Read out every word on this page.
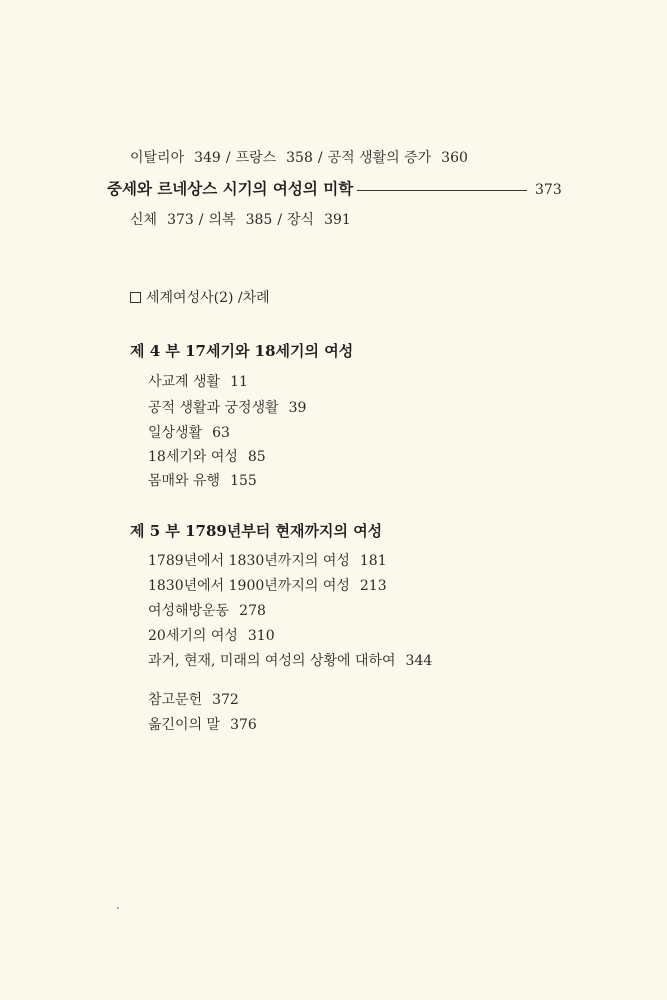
이탈리아 349 / 프랑스 358 / 공적 생활의 증가 360
중세와 르네상스 시기의 여성의 미학	373
신체 373 / 의복 385 / 장식 391
세계여성사(2) /차례
제 4 부 17세기와 18세기의 여성
사교계 생활 11
공적 생활과 궁정생활 39
일상생활 63
18세기와 여성 85
몸매와 유행 155
제 5 부 1789년부터 현재까지의 여성
1789년에서 1830년까지의 여성 181
1830년에서 1900년까지의 여성 213
여성해방운동 278
20세기의 여성 310
과거, 현재, 미래의 여성의 상황에 대하여 344
참고문헌 372
옮긴이의 말 376
